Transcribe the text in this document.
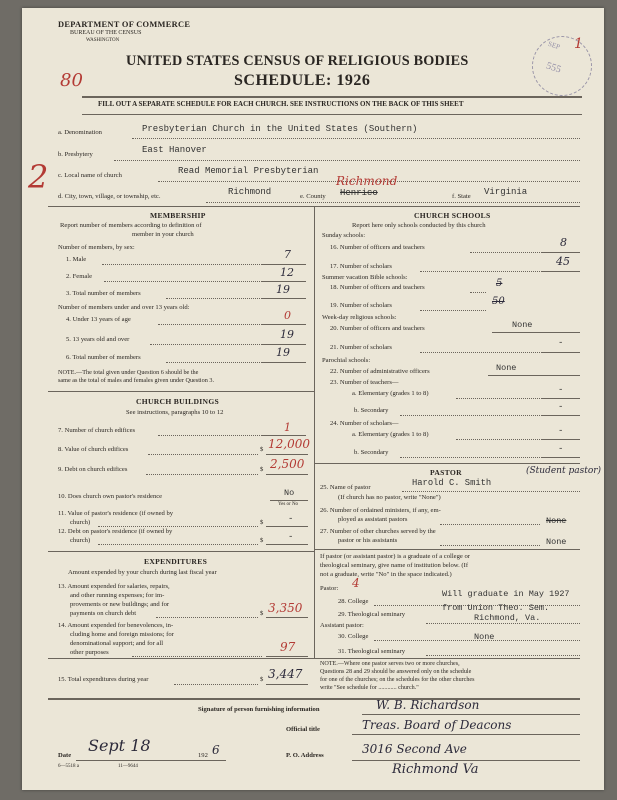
DEPARTMENT OF COMMERCE
BUREAU OF THE CENSUS
WASHINGTON
UNITED STATES CENSUS OF RELIGIOUS BODIES
SCHEDULE: 1926
80
SEP
555
1
FILL OUT A SEPARATE SCHEDULE FOR EACH CHURCH. SEE INSTRUCTIONS ON THE BACK OF THIS SHEET
a. Denomination	Presbyterian Church in the United States (Southern)
b. Presbytery	East Hanover
c. Local name of church	Read Memorial Presbyterian
d. City, town, village, or township, etc.	Richmond	e. County Henrico
Richmond
f. State Virginia
2
MEMBERSHIP
Report number of members according to definition of
member in your church
Number of members, by sex:
1. Male	7
2. Female	12
3. Total number of members	19
Number of members under and over 13 years old:
4. Under 13 years of age	0
5. 13 years old and over	19
6. Total number of members	19
NOTE.—The total given under Question 6 should be the
same as the total of males and females given under Question 3.
CHURCH BUILDINGS
See instructions, paragraphs 10 to 12
7. Number of church edifices	1
8. Value of church edifices	$ 12,000
9. Debt on church edifices	$ 2,500
10. Does church own pastor's residence	No
Yes or No
11. Value of pastor's residence (if owned by
church)	$	-
12. Debt on pastor's residence (if owned by
church)	$	-
EXPENDITURES
Amount expended by your church during last fiscal year
13. Amount expended for salaries, repairs,
and other running expenses; for im-
provements or new buildings; and for
payments on church debt	$ 3,350
14. Amount expended for benevolences, in-
cluding home and foreign missions; for
denominational support; and for all
other purposes	97
15. Total expenditures during year	$ 3,447
CHURCH SCHOOLS
Report here only schools conducted by this church
Sunday schools:
16. Number of officers and teachers	8
17. Number of scholars	45
Summer vacation Bible schools:
18. Number of officers and teachers	5
19. Number of scholars	50
Week-day religious schools:
20. Number of officers and teachers	None
21. Number of scholars	-
Parochial schools:
22. Number of administrative officers	None
23. Number of teachers—
a. Elementary (grades 1 to 8)	-
b. Secondary	-
24. Number of scholars—
a. Elementary (grades 1 to 8)	-
b. Secondary	-
PASTOR	(Student pastor)
25. Name of pastor	Harold C. Smith
(If church has no pastor, write "None")
26. Number of ordained ministers, if any, em-
ployed as assistant pastors	None
27. Number of other churches served by the
pastor or his assistants	None
If pastor (or assistant pastor) is a graduate of a college or
theological seminary, give name of institution below. (If
not a graduate, write "No" in the space indicated.)
Pastor: 4
28. College
Will graduate in May 1927
29. Theological seminary
from Union Theo. Sem.
Richmond, Va.
Assistant pastor:
30. College	None
31. Theological seminary
NOTE.—Where one pastor serves two or more churches,
Questions 28 and 29 should be answered only on the schedule
for one of the churches; on the schedules for the other churches
write "See schedule for ............ church."
Signature of person furnishing information	W. B. Richardson
Official title	Treas. Board of Deacons
Date
Sept 18
192 6	P. O. Address	3016 Second Ave
Richmond Va
6—5518 a	11—9644
